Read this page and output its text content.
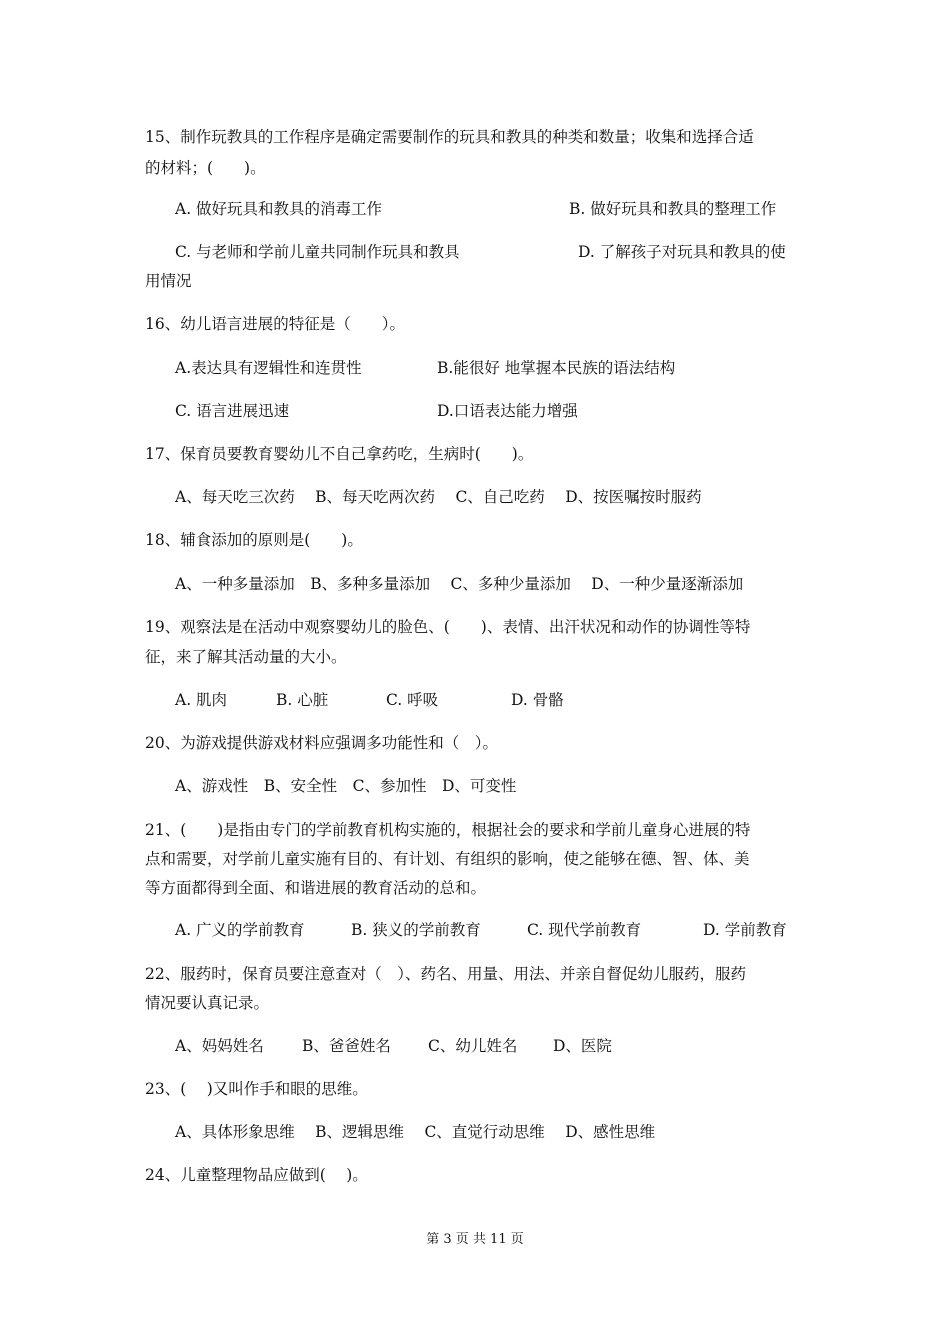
15、制作玩教具的工作程序是确定需要制作的玩具和教具的种类和数量；收集和选择合适
的材料；(　　)。
A. 做好玩具和教具的消毒工作	B. 做好玩具和教具的整理工作
C. 与老师和学前儿童共同制作玩具和教具	D. 了解孩子对玩具和教具的使
用情况
16、幼儿语言进展的特征是（　　）。
A.表达具有逻辑性和连贯性	B.能很好 地掌握本民族的语法结构
C. 语言进展迅速	D.口语表达能力增强
17、保育员要教育婴幼儿不自己拿药吃，生病时(　　)。
A、每天吃三次药　 B、每天吃两次药　 C、自己吃药　 D、按医嘱按时服药
18、辅食添加的原则是(　　)。
A、一种多量添加　B、多种多量添加　 C、多种少量添加　 D、一种少量逐渐添加
19、观察法是在活动中观察婴幼儿的脸色、(　　)、表情、出汗状况和动作的协调性等特
征，来了解其活动量的大小。
A. 肌肉	B. 心脏	C. 呼吸	D. 骨骼
20、为游戏提供游戏材料应强调多功能性和（　）。
A、游戏性　B、安全性　C、参加性　D、可变性
21、(　　)是指由专门的学前教育机构实施的，根据社会的要求和学前儿童身心进展的特
点和需要，对学前儿童实施有目的、有计划、有组织的影响，使之能够在德、智、体、美
等方面都得到全面、和谐进展的教育活动的总和。
A. 广义的学前教育	B. 狭义的学前教育	C. 现代学前教育	D. 学前教育
22、服药时，保育员要注意查对（　）、药名、用量、用法、并亲自督促幼儿服药，服药
情况要认真记录。
A、妈妈姓名 B、爸爸姓名 C、幼儿姓名 D、医院
23、(　 )又叫作手和眼的思维。
A、具体形象思维　 B、逻辑思维　 C、直觉行动思维　 D、感性思维
24、儿童整理物品应做到(　 )。
第 3 页 共 11 页
